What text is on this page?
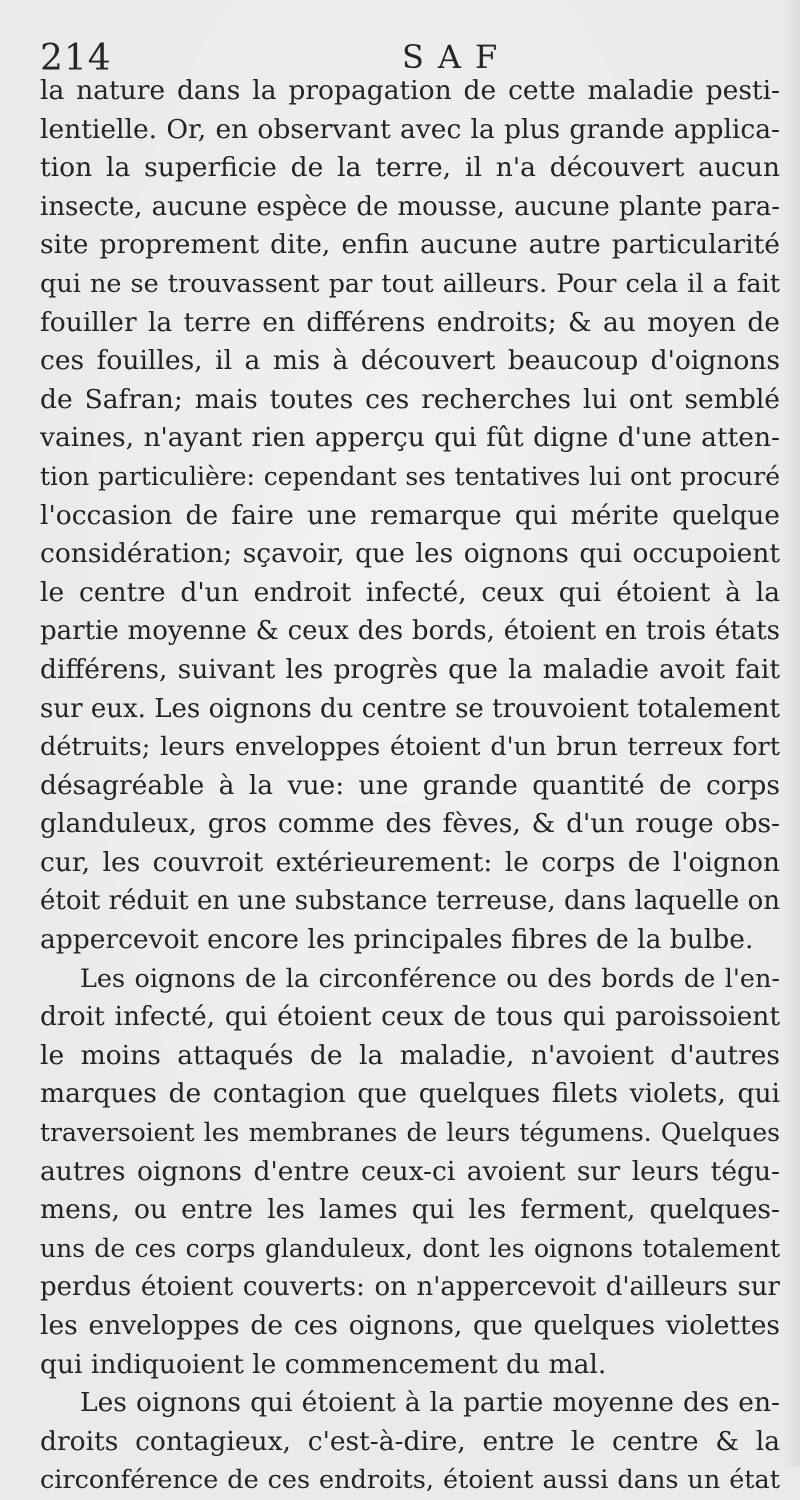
214	SAF
la nature dans la propagation de cette maladie pesti-
lentielle. Or, en observant avec la plus grande applica-
tion la superficie de la terre, il n'a découvert aucun
insecte, aucune espèce de mousse, aucune plante para-
site proprement dite, enfin aucune autre particularité
qui ne se trouvassent par tout ailleurs. Pour cela il a fait
fouiller la terre en différens endroits; & au moyen de
ces fouilles, il a mis à découvert beaucoup d'oignons
de Safran; mais toutes ces recherches lui ont semblé
vaines, n'ayant rien apperçu qui fût digne d'une atten-
tion particulière: cependant ses tentatives lui ont procuré
l'occasion de faire une remarque qui mérite quelque
considération; sçavoir, que les oignons qui occupoient
le centre d'un endroit infecté, ceux qui étoient à la
partie moyenne & ceux des bords, étoient en trois états
différens, suivant les progrès que la maladie avoit fait
sur eux. Les oignons du centre se trouvoient totalement
détruits; leurs enveloppes étoient d'un brun terreux fort
désagréable à la vue: une grande quantité de corps
glanduleux, gros comme des fèves, & d'un rouge obs-
cur, les couvroit extérieurement: le corps de l'oignon
étoit réduit en une substance terreuse, dans laquelle on
appercevoit encore les principales fibres de la bulbe.
Les oignons de la circonférence ou des bords de l'en-
droit infecté, qui étoient ceux de tous qui paroissoient
le moins attaqués de la maladie, n'avoient d'autres
marques de contagion que quelques filets violets, qui
traversoient les membranes de leurs tégumens. Quelques
autres oignons d'entre ceux-ci avoient sur leurs tégu-
mens, ou entre les lames qui les ferment, quelques-
uns de ces corps glanduleux, dont les oignons totalement
perdus étoient couverts: on n'appercevoit d'ailleurs sur
les enveloppes de ces oignons, que quelques violettes
qui indiquoient le commencement du mal.
Les oignons qui étoient à la partie moyenne des en-
droits contagieux, c'est-à-dire, entre le centre & la
circonférence de ces endroits, étoient aussi dans un état
